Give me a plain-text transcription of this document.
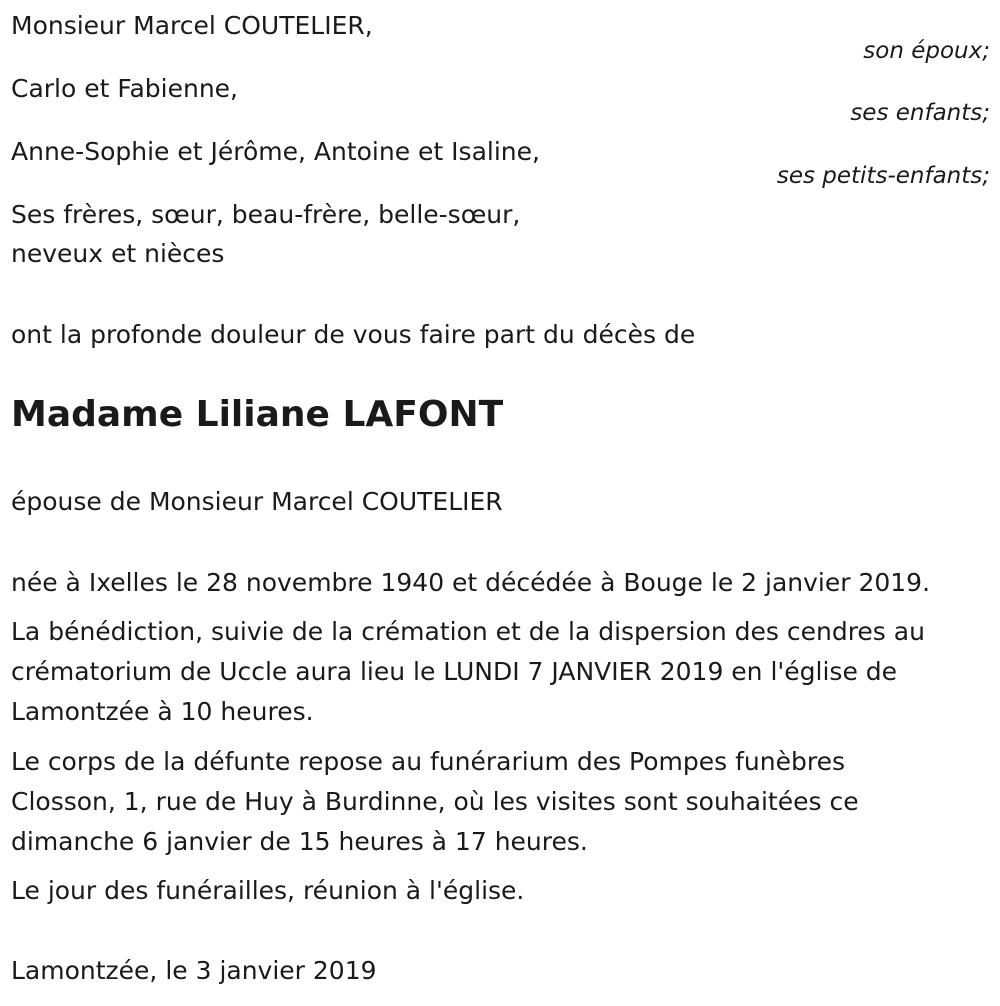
Monsieur Marcel COUTELIER,
son époux;
Carlo et Fabienne,
ses enfants;
Anne-Sophie et Jérôme, Antoine et Isaline,
ses petits-enfants;
Ses frères, sœur, beau-frère, belle-sœur,
neveux et nièces
ont la profonde douleur de vous faire part du décès de
Madame Liliane LAFONT
épouse de Monsieur Marcel COUTELIER
née à Ixelles le 28 novembre 1940 et décédée à Bouge le 2 janvier 2019.
La bénédiction, suivie de la crémation et de la dispersion des cendres au
crématorium de Uccle aura lieu le LUNDI 7 JANVIER 2019 en l'église de
Lamontzée à 10 heures.
Le corps de la défunte repose au funérarium des Pompes funèbres
Closson, 1, rue de Huy à Burdinne, où les visites sont souhaitées ce
dimanche 6 janvier de 15 heures à 17 heures.
Le jour des funérailles, réunion à l'église.
Lamontzée, le 3 janvier 2019
